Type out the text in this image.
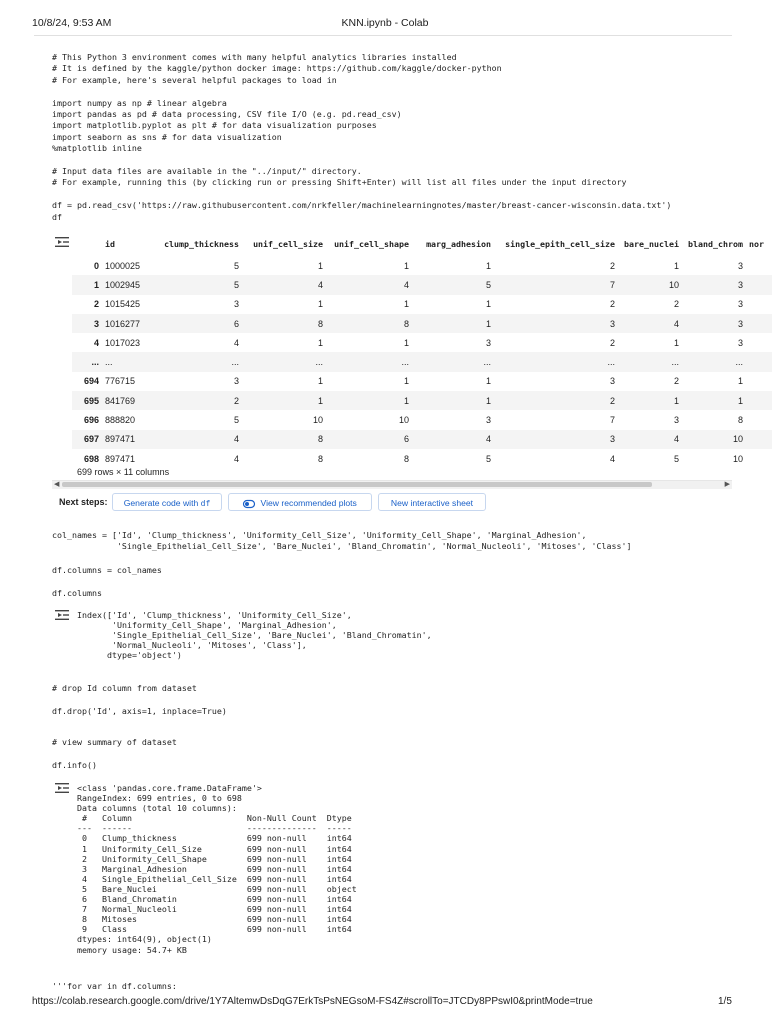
10/8/24, 9:53 AM	KNN.ipynb - Colab
# This Python 3 environment comes with many helpful analytics libraries installed
# It is defined by the kaggle/python docker image: https://github.com/kaggle/docker-python
# For example, here's several helpful packages to load in

import numpy as np # linear algebra
import pandas as pd # data processing, CSV file I/O (e.g. pd.read_csv)
import matplotlib.pyplot as plt # for data visualization purposes
import seaborn as sns # for data visualization
%matplotlib inline

# Input data files are available in the "../input/" directory.
# For example, running this (by clicking run or pressing Shift+Enter) will list all files under the input directory

df = pd.read_csv('https://raw.githubusercontent.com/nrkfeller/machinelearningnotes/master/breast-cancer-wisconsin.data.txt')
df
	id	clump_thickness	unif_cell_size	unif_cell_shape	marg_adhesion	single_epith_cell_size	bare_nuclei	bland_chrom	nor
0	1000025	5	1	1	1	2	1	3	
1	1002945	5	4	4	5	7	10	3	
2	1015425	3	1	1	1	2	2	3	
3	1016277	6	8	8	1	3	4	3	
4	1017023	4	1	1	3	2	1	3	
...	...	...	...	...	...	...	...	...	
694	776715	3	1	1	1	3	2	1	
695	841769	2	1	1	1	2	1	1	
696	888820	5	10	10	3	7	3	8	
697	897471	4	8	6	4	3	4	10	
698	897471	4	8	8	5	4	5	10	
699 rows × 11 columns
◀	▶
Next steps:	Generate code with df	View recommended plots	New interactive sheet
col_names = ['Id', 'Clump_thickness', 'Uniformity_Cell_Size', 'Uniformity_Cell_Shape', 'Marginal_Adhesion',
'Single_Epithelial_Cell_Size', 'Bare_Nuclei', 'Bland_Chromatin', 'Normal_Nucleoli', 'Mitoses', 'Class']
df.columns = col_names
df.columns
Index(['Id', 'Clump_thickness', 'Uniformity_Cell_Size',
'Uniformity_Cell_Shape', 'Marginal_Adhesion',
'Single_Epithelial_Cell_Size', 'Bare_Nuclei', 'Bland_Chromatin',
'Normal_Nucleoli', 'Mitoses', 'Class'],
dtype='object')
# drop Id column from dataset
df.drop('Id', axis=1, inplace=True)
# view summary of dataset
df.info()
<class 'pandas.core.frame.DataFrame'>
RangeIndex: 699 entries, 0 to 698
Data columns (total 10 columns):
#   Column                       Non-Null Count  Dtype
---  ------                       --------------  -----
0   Clump_thickness              699 non-null    int64
1   Uniformity_Cell_Size         699 non-null    int64
2   Uniformity_Cell_Shape        699 non-null    int64
3   Marginal_Adhesion            699 non-null    int64
4   Single_Epithelial_Cell_Size  699 non-null    int64
5   Bare_Nuclei                  699 non-null    object
6   Bland_Chromatin              699 non-null    int64
7   Normal_Nucleoli              699 non-null    int64
8   Mitoses                      699 non-null    int64
9   Class                        699 non-null    int64
dtypes: int64(9), object(1)
memory usage: 54.7+ KB
'''for var in df.columns:
https://colab.research.google.com/drive/1Y7AltemwDsDqG7ErkTsPsNEGsoM-FS4Z#scrollTo=JTCDy8PPswI0&printMode=true	1/5
